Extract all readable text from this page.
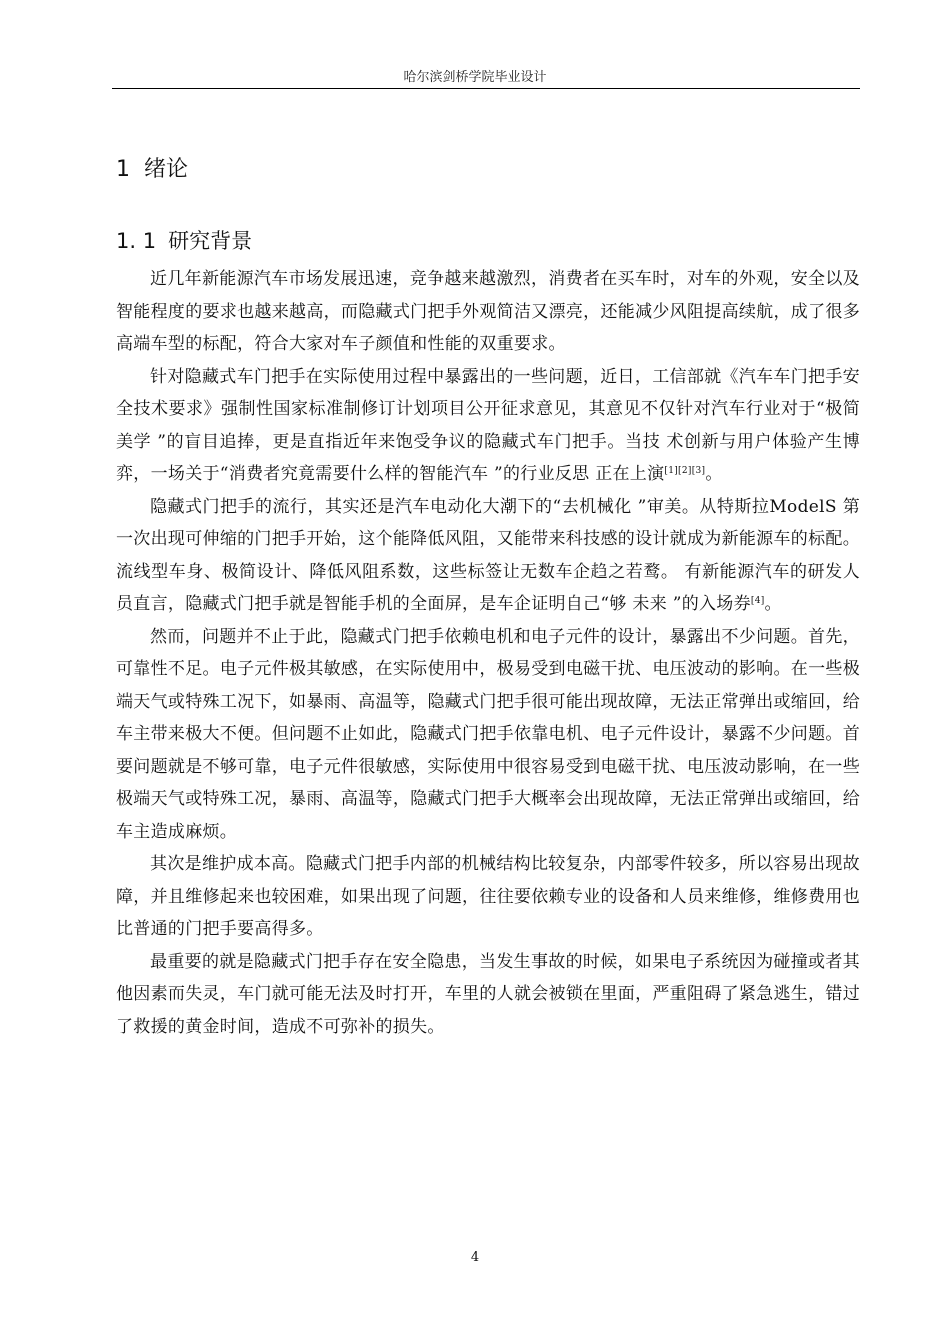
哈尔滨剑桥学院毕业设计
1 绪论
1. 1 研究背景

近几年新能源汽车市场发展迅速，竞争越来越激烈，消费者在买车时，对车的外观，安全以及智能程度的要求也越来越高，而隐藏式门把手外观简洁又漂亮，还能减少风阻提高续航，成了很多高端车型的标配，符合大家对车子颜值和性能的双重要求。

针对隐藏式车门把手在实际使用过程中暴露出的一些问题，近日，工信部就《汽车车门把手安全技术要求》强制性国家标准制修订计划项目公开征求意见，其意见不仅针对汽车行业对于“极简美学 ”的盲目追捧，更是直指近年来饱受争议的隐藏式车门把手。当技 术创新与用户体验产生博弈，一场关于“消费者究竟需要什么样的智能汽车 ”的行业反思 正在上演[1][2][3]。

隐藏式门把手的流行，其实还是汽车电动化大潮下的“去机械化 ”审美。从特斯拉ModelS 第一次出现可伸缩的门把手开始，这个能降低风阻，又能带来科技感的设计就成为新能源车的标配。流线型车身、极简设计、降低风阻系数，这些标签让无数车企趋之若鹜。 有新能源汽车的研发人员直言，隐藏式门把手就是智能手机的全面屏，是车企证明自己“够 未来 ”的入场券[4]。

然而，问题并不止于此，隐藏式门把手依赖电机和电子元件的设计，暴露出不少问题。首先，可靠性不足。电子元件极其敏感，在实际使用中，极易受到电磁干扰、电压波动的影响。在一些极端天气或特殊工况下，如暴雨、高温等，隐藏式门把手很可能出现故障，无法正常弹出或缩回，给车主带来极大不便。但问题不止如此，隐藏式门把手依靠电机、电子元件设计，暴露不少问题。首要问题就是不够可靠，电子元件很敏感，实际使用中很容易受到电磁干扰、电压波动影响，在一些极端天气或特殊工况，暴雨、高温等，隐藏式门把手大概率会出现故障，无法正常弹出或缩回，给车主造成麻烦。

其次是维护成本高。隐藏式门把手内部的机械结构比较复杂，内部零件较多，所以容易出现故障，并且维修起来也较困难，如果出现了问题，往往要依赖专业的设备和人员来维修，维修费用也比普通的门把手要高得多。

最重要的就是隐藏式门把手存在安全隐患，当发生事故的时候，如果电子系统因为碰撞或者其他因素而失灵，车门就可能无法及时打开，车里的人就会被锁在里面，严重阻碍了紧急逃生，错过了救援的黄金时间，造成不可弥补的损失。

4
